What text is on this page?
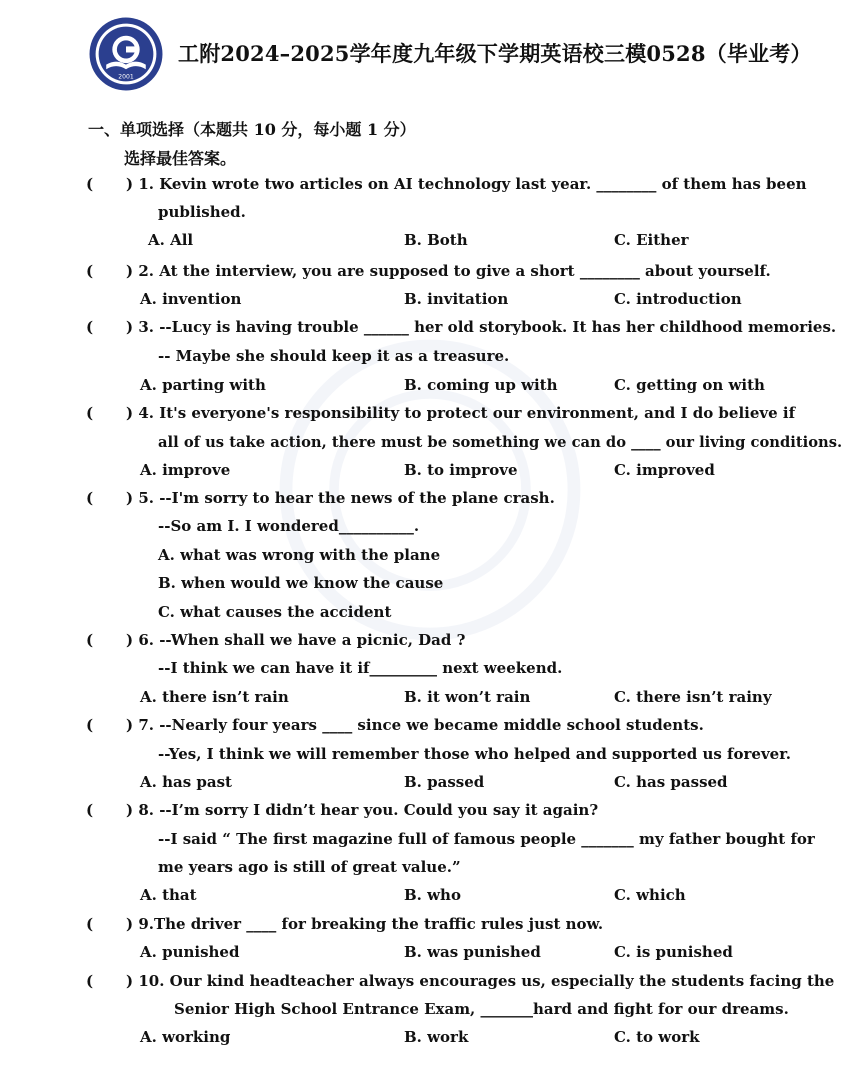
2001
工附2024–2025学年度九年级下学期英语校三模0528（毕业考）
一、单项选择（本题共 10 分，每小题 1 分）
选择最佳答案。
( ) 1. Kevin wrote two articles on AI technology last year. ________ of them has been
published.
A. All	B. Both	C. Either
( ) 2. At the interview, you are supposed to give a short ________ about yourself.
A. invention	B. invitation	C. introduction
( ) 3. --Lucy is having trouble ______ her old storybook. It has her childhood memories.
-- Maybe she should keep it as a treasure.
A. parting with	B. coming up with	C. getting on with
( ) 4. It's everyone's responsibility to protect our environment, and I do believe if
all of us take action, there must be something we can do ____ our living conditions.
A. improve	B. to improve	C. improved
( ) 5. --I'm sorry to hear the news of the plane crash.
--So am I. I wondered__________.
A. what was wrong with the plane
B. when would we know the cause
C. what causes the accident
( ) 6. --When shall we have a picnic, Dad ?
--I think we can have it if_________ next weekend.
A. there isn’t rain	B. it won’t rain	C. there isn’t rainy
( ) 7. --Nearly four years ____ since we became middle school students.
--Yes, I think we will remember those who helped and supported us forever.
A. has past	B. passed	C. has passed
( ) 8. --I’m sorry I didn’t hear you. Could you say it again?
--I said “ The first magazine full of famous people _______ my father bought for
me years ago is still of great value.”
A. that	B. who	C. which
( ) 9.The driver ____ for breaking the traffic rules just now.
A. punished	B. was punished	C. is punished
( ) 10. Our kind headteacher always encourages us, especially the students facing the
Senior High School Entrance Exam, _______hard and fight for our dreams.
A. working	B. work	C. to work
